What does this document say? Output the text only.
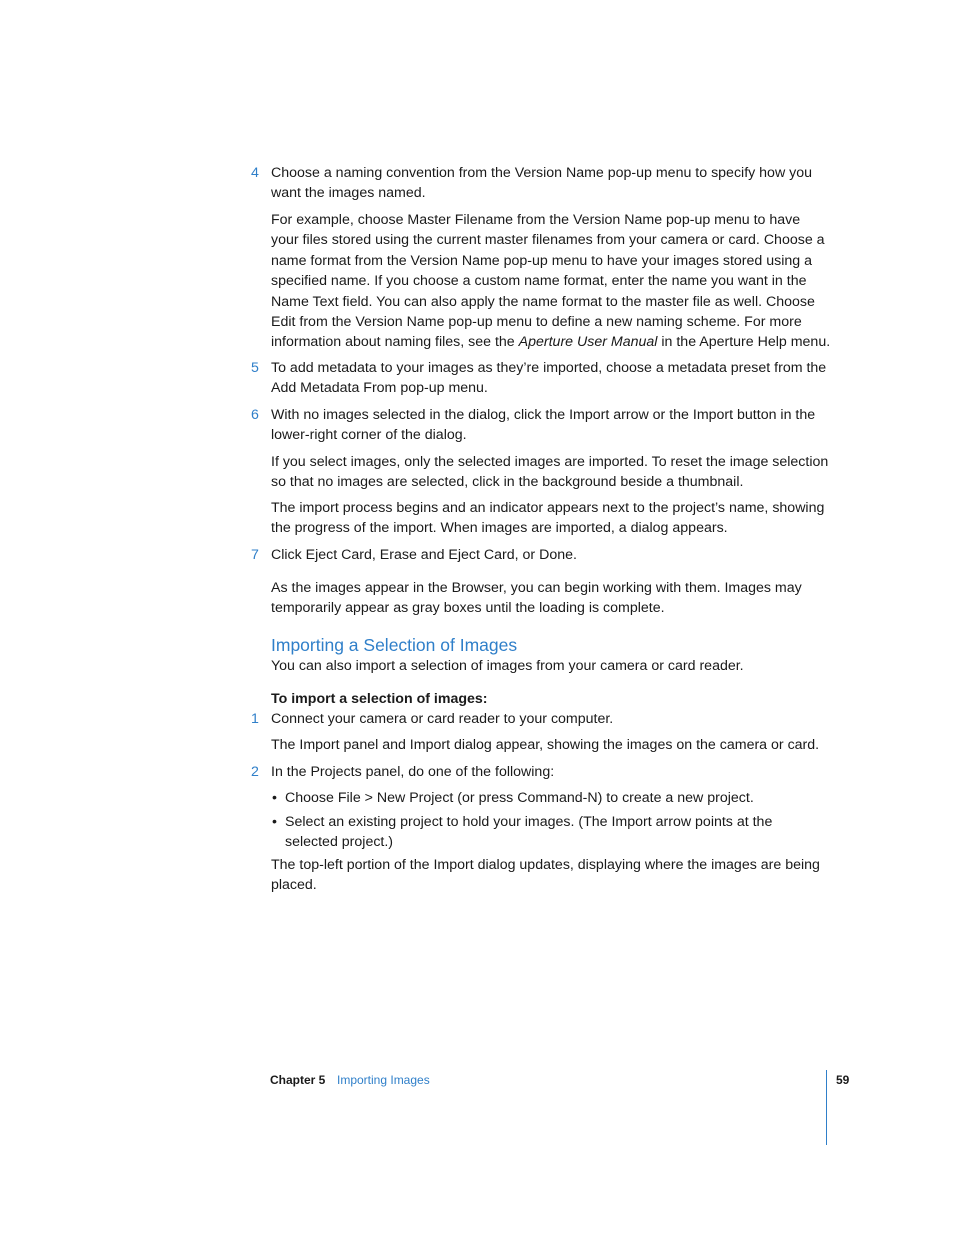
4 Choose a naming convention from the Version Name pop-up menu to specify how you want the images named.
For example, choose Master Filename from the Version Name pop-up menu to have your files stored using the current master filenames from your camera or card. Choose a name format from the Version Name pop-up menu to have your images stored using a specified name. If you choose a custom name format, enter the name you want in the Name Text field. You can also apply the name format to the master file as well. Choose Edit from the Version Name pop-up menu to define a new naming scheme. For more information about naming files, see the Aperture User Manual in the Aperture Help menu.
5 To add metadata to your images as they’re imported, choose a metadata preset from the Add Metadata From pop-up menu.
6 With no images selected in the dialog, click the Import arrow or the Import button in the lower-right corner of the dialog.
If you select images, only the selected images are imported. To reset the image selection so that no images are selected, click in the background beside a thumbnail.
The import process begins and an indicator appears next to the project’s name, showing the progress of the import. When images are imported, a dialog appears.
7 Click Eject Card, Erase and Eject Card, or Done.
As the images appear in the Browser, you can begin working with them. Images may temporarily appear as gray boxes until the loading is complete.
Importing a Selection of Images
You can also import a selection of images from your camera or card reader.
To import a selection of images:
1 Connect your camera or card reader to your computer.
The Import panel and Import dialog appear, showing the images on the camera or card.
2 In the Projects panel, do one of the following:
• Choose File > New Project (or press Command-N) to create a new project.
• Select an existing project to hold your images. (The Import arrow points at the selected project.)
The top-left portion of the Import dialog updates, displaying where the images are being placed.
Chapter 5 Importing Images	59
